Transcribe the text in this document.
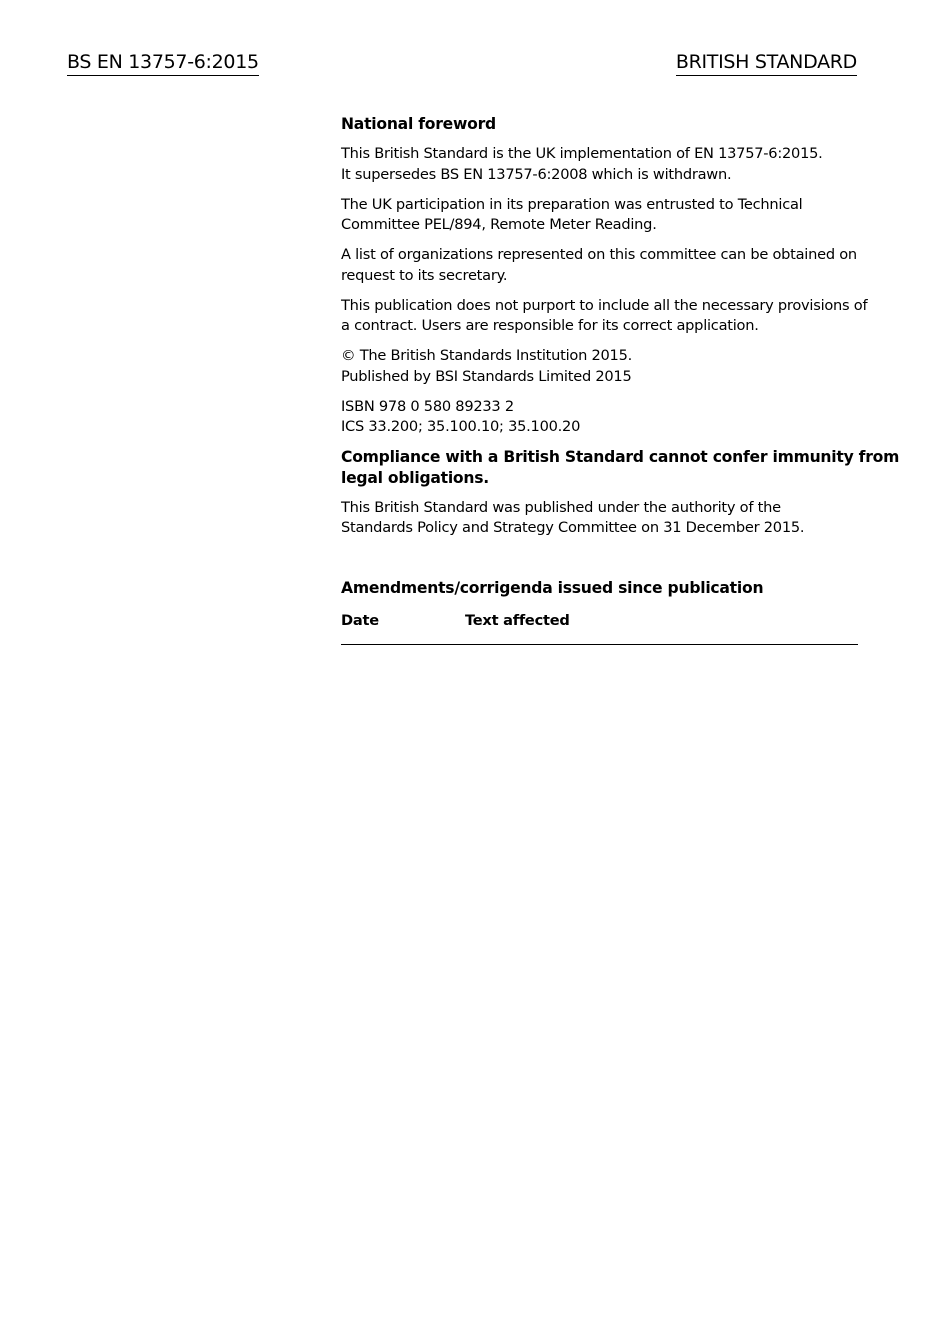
BS EN 13757-6:2015	BRITISH STANDARD

National foreword

This British Standard is the UK implementation of EN 13757-6:2015.
It supersedes BS EN 13757-6:2008 which is withdrawn.

The UK participation in its preparation was entrusted to Technical
Committee PEL/894, Remote Meter Reading.

A list of organizations represented on this committee can be obtained on
request to its secretary.

This publication does not purport to include all the necessary provisions of
a contract. Users are responsible for its correct application.

© The British Standards Institution 2015.
Published by BSI Standards Limited 2015

ISBN 978 0 580 89233 2
ICS 33.200; 35.100.10; 35.100.20

Compliance with a British Standard cannot confer immunity from
legal obligations.

This British Standard was published under the authority of the
Standards Policy and Strategy Committee on 31 December 2015.

Amendments/corrigenda issued since publication

Date	Text affected
